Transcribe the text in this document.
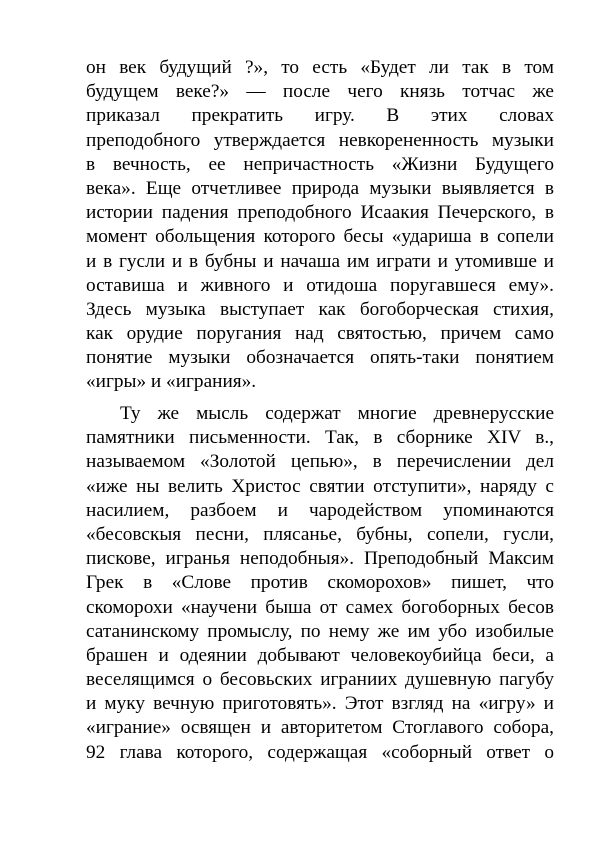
он век будущий ?», то есть «Будет ли так в том
будущем веке?» — после чего князь тотчас же
приказал прекратить игру. В этих словах
преподобного утверждается невкорененность музыки
в вечность, ее непричастность «Жизни Будущего
века». Еще отчетливее природа музыки выявляется в
истории падения преподобного Исаакия Печерского, в
момент обольщения которого бесы «удариша в сопели
и в гусли и в бубны и начаша им играти и утомивше и
оставиша и живного и отидоша поругавшеся ему».
Здесь музыка выступает как богоборческая стихия,
как орудие поругания над святостью, причем само
понятие музыки обозначается опять-таки понятием
«игры» и «играния».
Ту же мысль содержат многие древнерусские
памятники письменности. Так, в сборнике XIV в.,
называемом «Золотой цепью», в перечислении дел
«иже ны велить Христос святии отступити», наряду с
насилием, разбоем и чародейством упоминаются
«бесовскыя песни, плясанье, бубны, сопели, гусли,
пискове, игранья неподобныя». Преподобный Максим
Грек в «Слове против скоморохов» пишет, что
скоморохи «научени быша от самех богоборных бесов
сатанинскому промыслу, по нему же им убо изобилые
брашен и одеянии добывают человекоубийца беси, а
веселящимся о бесовьских играниих душевную пагубу
и муку вечную приготовять». Этот взгляд на «игру» и
«играние» освящен и авторитетом Стоглавого собора,
92 глава которого, содержащая «соборный ответ о
